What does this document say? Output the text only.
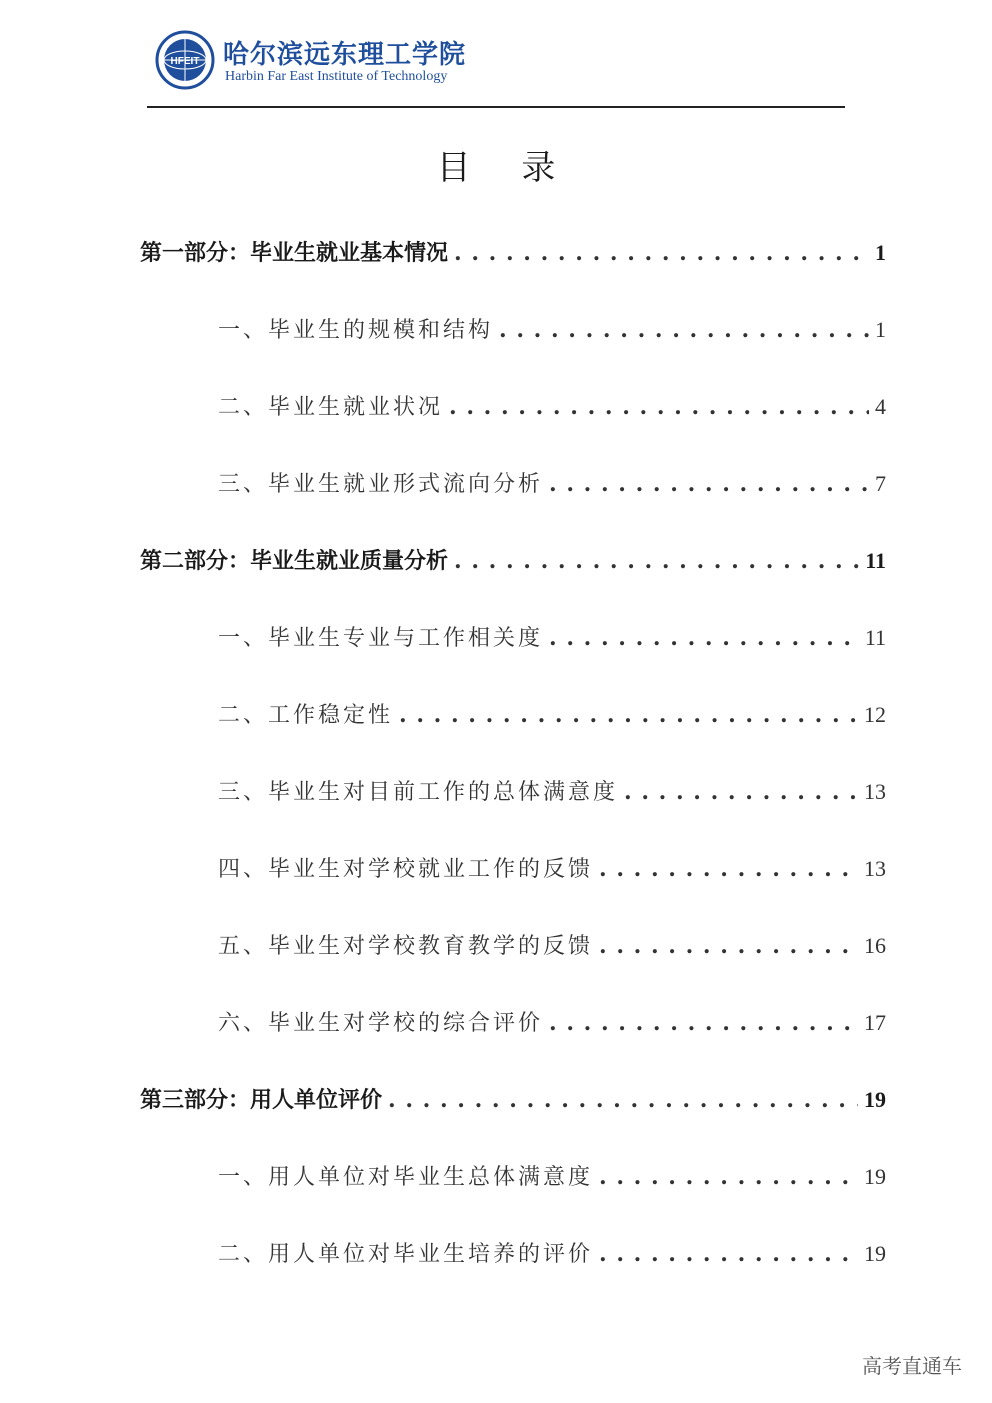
HFEIT 哈尔滨远东理工学院
Harbin Far East Institute of Technology
目 录
第一部分：毕业生就业基本情况 . . .	1
一、毕业生的规模和结构 . . .	1
二、毕业生就业状况 . . .	4
三、毕业生就业形式流向分析 . . .	7
第二部分：毕业生就业质量分析 . . .	11
一、毕业生专业与工作相关度 . . .	11
二、工作稳定性 . . .	12
三、毕业生对目前工作的总体满意度 . . .	13
四、毕业生对学校就业工作的反馈 . . .	13
五、毕业生对学校教育教学的反馈 . . .	16
六、毕业生对学校的综合评价 . . .	17
第三部分：用人单位评价 . . .	19
一、用人单位对毕业生总体满意度 . . .	19
二、用人单位对毕业生培养的评价 . . .	19
高考直通车
